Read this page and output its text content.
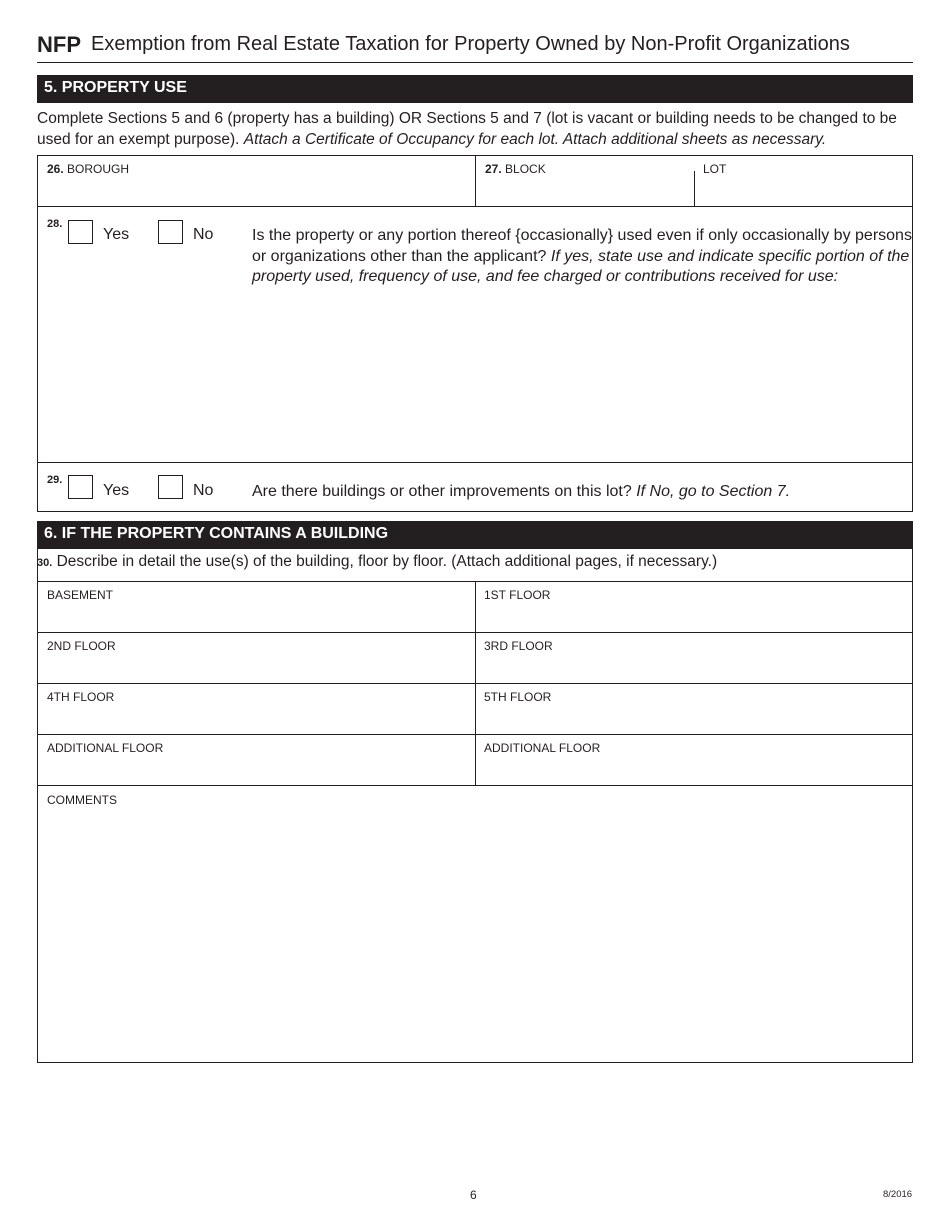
NFP Exemption from Real Estate Taxation for Property Owned by Non-Profit Organizations
5. PROPERTY USE
Complete Sections 5 and 6 (property has a building) OR Sections 5 and 7 (lot is vacant or building needs to be changed to be used for an exempt purpose). Attach a Certificate of Occupancy for each lot. Attach additional sheets as necessary.
26. BOROUGH	27. BLOCK	LOT
28.
Yes	No Is the property or any portion thereof {occasionally} used even if only occasionally by persons or organizations other than the applicant? If yes, state use and indicate specific portion of the property used, frequency of use, and fee charged or contributions received for use:
29.
Yes	No Are there buildings or other improvements on this lot? If No, go to Section 7.
6. IF THE PROPERTY CONTAINS A BUILDING
30. Describe in detail the use(s) of the building, floor by floor. (Attach additional pages, if necessary.)
BASEMENT	1ST FLOOR
2ND FLOOR	3RD FLOOR
4TH FLOOR	5TH FLOOR
ADDITIONAL FLOOR	ADDITIONAL FLOOR
COMMENTS
6	8/2016
